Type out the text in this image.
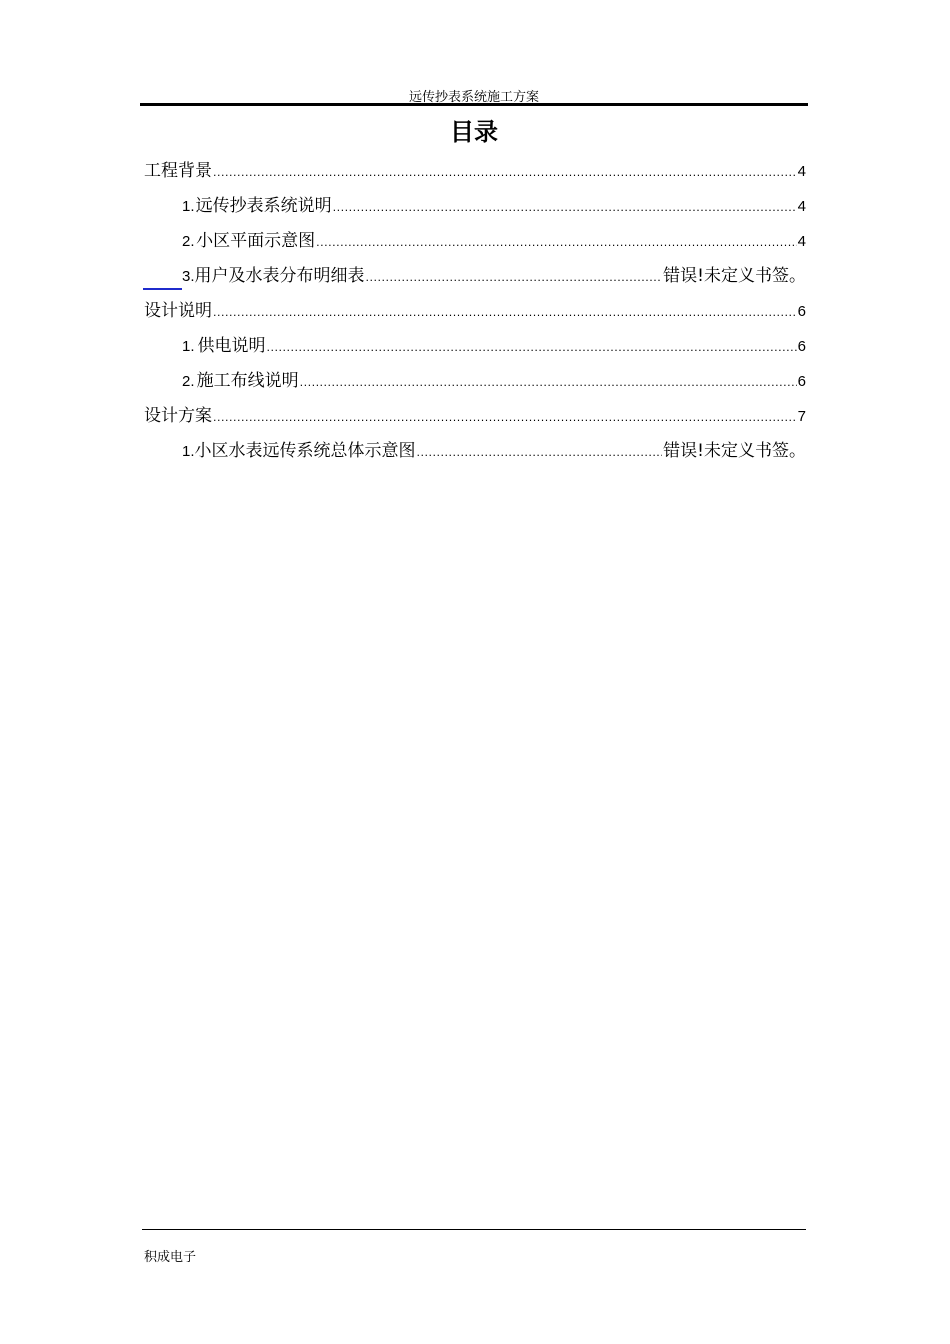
远传抄表系统施工方案
目录
工程背景 .....	4
1. 远传抄表系统说明 .....	4
2. 小区平面示意图 .....	4
3. 用户及水表分布明细表 .....	错误!未定义书签。
设计说明 .....	6
1. 供电说明 .....	6
2. 施工布线说明 .....	6
设计方案 .....	7
1. 小区水表远传系统总体示意图 .....	错误!未定义书签。
积成电子
